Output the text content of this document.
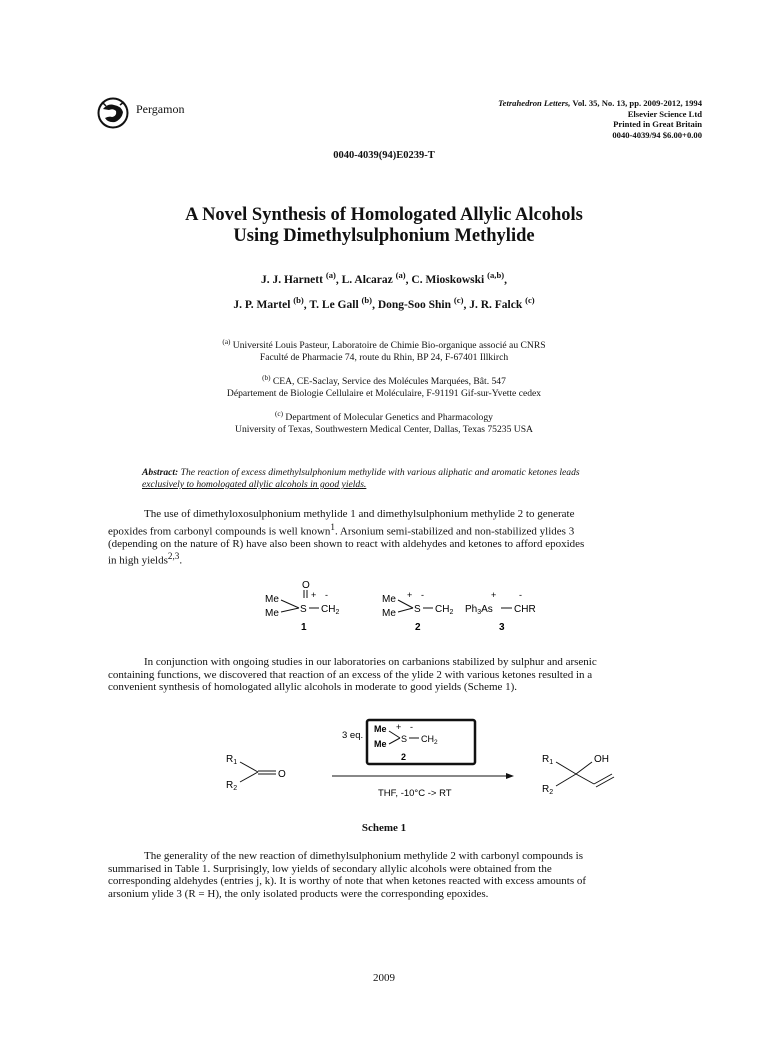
Pergamon	Tetrahedron Letters, Vol. 35, No. 13, pp. 2009-2012, 1994
Elsevier Science Ltd
Printed in Great Britain
0040-4039/94 $6.00+0.00
0040-4039(94)E0239-T
A Novel Synthesis of Homologated Allylic Alcohols
Using Dimethylsulphonium Methylide
J. J. Harnett $^{(a)}$, L. Alcaraz $^{(a)}$, C. Mioskowski $^{(a,b)}$,
J. P. Martel $^{(b)}$, T. Le Gall $^{(b)}$, Dong-Soo Shin $^{(c)}$, J. R. Falck $^{(c)}$
$^{(a)}$ Université Louis Pasteur, Laboratoire de Chimie Bio-organique associé au CNRS
Faculté de Pharmacie 74, route du Rhin, BP 24, F-67401 Illkirch
$^{(b)}$ CEA, CE-Saclay, Service des Molécules Marquées, Bât. 547
Département de Biologie Cellulaire et Moléculaire, F-91191 Gif-sur-Yvette cedex
$^{(c)}$ Department of Molecular Genetics and Pharmacology
University of Texas, Southwestern Medical Center, Dallas, Texas 75235 USA
Abstract: The reaction of excess dimethylsulphonium methylide with various aliphatic and aromatic ketones leads
exclusively to homologated allylic alcohols in good yields.
The use of dimethyloxosulphonium methylide 1 and dimethylsulphonium methylide 2 to generate
epoxides from carbonyl compounds is well known$^1$. Arsonium semi-stabilized and non-stabilized ylides 3
(depending on the nature of R) have also been shown to react with aldehydes and ketones to afford epoxides
in high yields$^{2,3}$.
O
Me	+ -
Me S $CH_2$
1
Me + -
Me S $CH_2$
2
+	-
$Ph_3As$ CHR
3
In conjunction with ongoing studies in our laboratories on carbanions stabilized by sulphur and arsenic
containing functions, we discovered that reaction of an excess of the ylide 2 with various ketones resulted in a
convenient synthesis of homologated allylic alcohols in moderate to good yields (Scheme 1).
$R_1$
O
$R_2$
3 eq.
Me + -
Me S $CH_2$
2
THF, -10°C -> RT
$R_1$	OH
$R_2$
Scheme 1
The generality of the new reaction of dimethylsulphonium methylide 2 with carbonyl compounds is
summarised in Table 1. Surprisingly, low yields of secondary allylic alcohols were obtained from the
corresponding aldehydes (entries j, k). It is worthy of note that when ketones reacted with excess amounts of
arsonium ylide 3 (R = H), the only isolated products were the corresponding epoxides.
2009
